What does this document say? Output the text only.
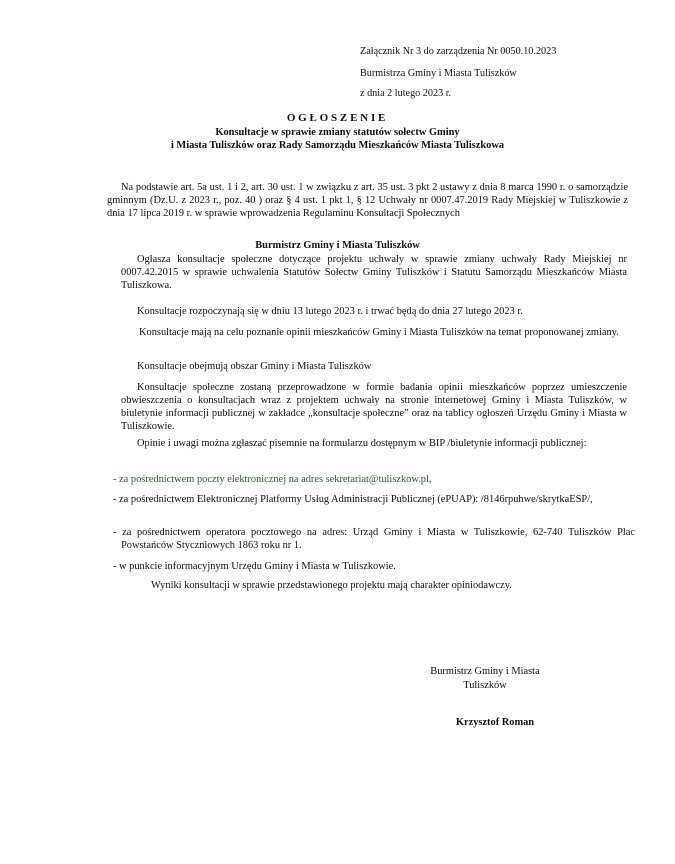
Załącznik Nr 3 do zarządzenia Nr 0050.10.2023
Burmistrza Gminy i Miasta Tuliszków
z dnia 2 lutego 2023 r.
OGŁOSZENIE
Konsultacje w sprawie zmiany statutów sołectw Gminy
i Miasta Tuliszków oraz Rady Samorządu Mieszkańców Miasta Tuliszkowa

Na podstawie art. 5a ust. 1 i 2, art. 30 ust. 1 w związku z art. 35 ust. 3 pkt 2 ustawy z dnia 8 marca 1990 r. o samorządzie gminnym (Dz.U. z 2023 r., poz. 40 ) oraz § 4 ust. 1 pkt 1, § 12 Uchwały nr 0007.47.2019 Rady Miejskiej w Tuliszkowie z dnia 17 lipca 2019 r. w sprawie wprowadzenia Regulaminu Konsultacji Społecznych

Burmistrz Gminy i Miasta Tuliszków

Ogłasza konsultacje społeczne dotyczące projektu uchwały w sprawie zmiany uchwały Rady Miejskiej nr 0007.42.2015 w sprawie uchwalenia Statutów Sołectw Gminy Tuliszków i Statutu Samorządu Mieszkańców Miasta Tuliszkowa.

Konsultacje rozpoczynają się w dniu 13 lutego 2023 r. i trwać będą do dnia 27 lutego 2023 r.

Konsultacje mają na celu poznanie opinii mieszkańców Gminy i Miasta Tuliszków na temat proponowanej zmiany.

Konsultacje obejmują obszar Gminy i Miasta Tuliszków

Konsultacje społeczne zostaną przeprowadzone w formie badania opinii mieszkańców poprzez umieszczenie obwieszczenia o konsultacjach wraz z projektem uchwały na stronie internetowej Gminy i Miasta Tuliszków, w biuletynie informacji publicznej w zakładce „konsultacje społeczne” oraz na tablicy ogłoszeń Urzędu Gminy i Miasta w Tuliszkowie.

Opinie i uwagi można zgłaszać pisemnie na formularzu dostępnym w BIP /biuletynie informacji publicznej:

- za pośrednictwem poczty elektronicznej na adres sekretariat@tuliszkow.pl,

- za pośrednictwem Elektronicznej Platformy Usług Administracji Publicznej (ePUAP): /8146rpuhwe/skrytkaESP/,

- za pośrednictwem operatora pocztowego na adres: Urząd Gminy i Miasta w Tuliszkowie, 62-740 Tuliszków Plac Powstańców Styczniowych 1863 roku nr 1.

- w punkcie informacyjnym Urzędu Gminy i Miasta w Tuliszkowie.

Wyniki konsultacji w sprawie przedstawionego projektu mają charakter opiniodawczy.

Burmistrz Gminy i Miasta
Tuliszków
Krzysztof Roman
